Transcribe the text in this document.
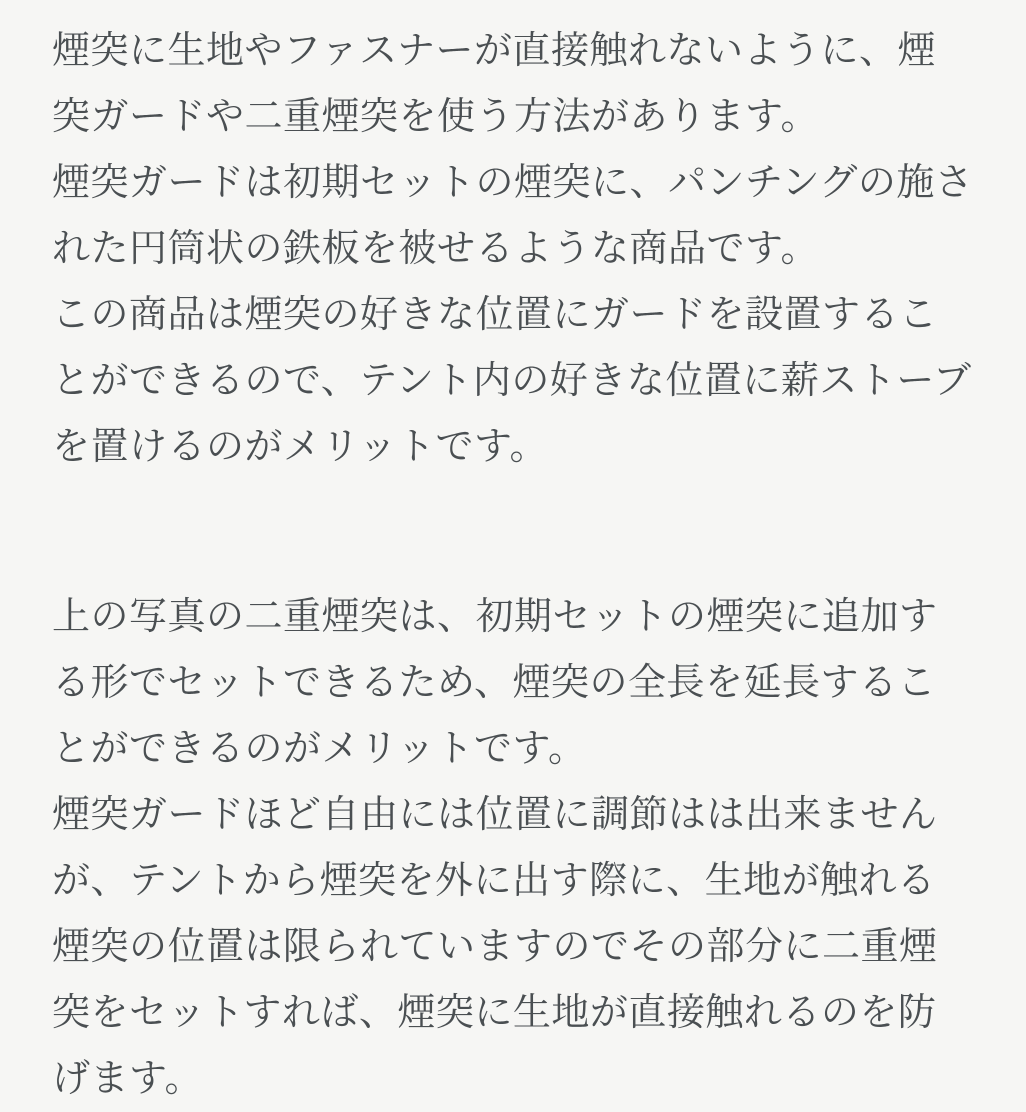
煙突に生地やファスナーが直接触れないように、煙突ガードや二重煙突を使う方法があります。

煙突ガードは初期セットの煙突に、パンチングの施された円筒状の鉄板を被せるような商品です。

この商品は煙突の好きな位置にガードを設置することができるので、テント内の好きな位置に薪ストーブを置けるのがメリットです。

上の写真の二重煙突は、初期セットの煙突に追加する形でセットできるため、煙突の全長を延長することができるのがメリットです。

煙突ガードほど自由には位置に調節はは出来ませんが、テントから煙突を外に出す際に、生地が触れる煙突の位置は限られていますのでその部分に二重煙突をセットすれば、煙突に生地が直接触れるのを防げます。
